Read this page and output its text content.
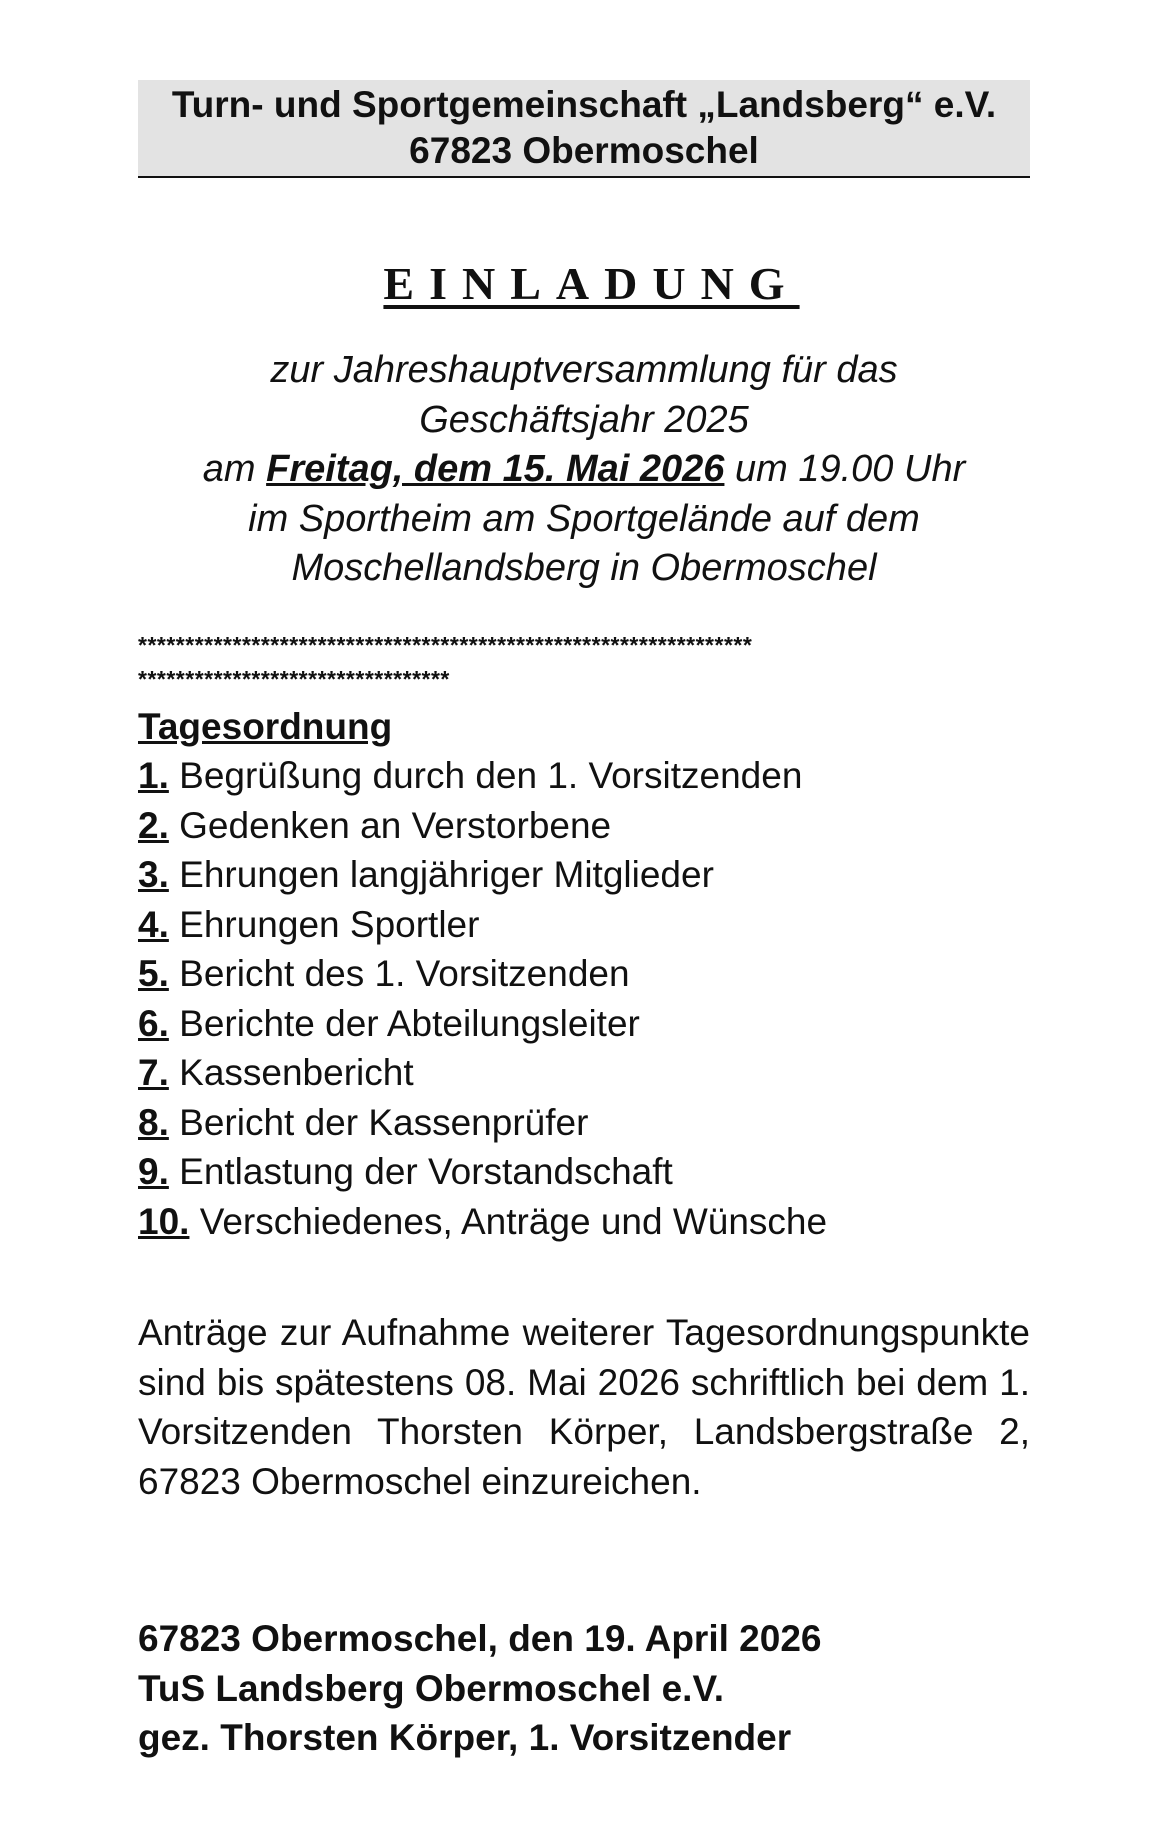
Turn- und Sportgemeinschaft „Landsberg“ e.V.
67823 Obermoschel
EINLADUNG
zur Jahreshauptversammlung für das
Geschäftsjahr 2025
am Freitag, dem 15. Mai 2026 um 19.00 Uhr
im Sportheim am Sportgelände auf dem
Moschellandsberg in Obermoschel
*****************************************************************
*********************************
Tagesordnung
1. Begrüßung durch den 1. Vorsitzenden
2. Gedenken an Verstorbene
3. Ehrungen langjähriger Mitglieder
4. Ehrungen Sportler
5. Bericht des 1. Vorsitzenden
6. Berichte der Abteilungsleiter
7. Kassenbericht
8. Bericht der Kassenprüfer
9. Entlastung der Vorstandschaft
10. Verschiedenes, Anträge und Wünsche
Anträge zur Aufnahme weiterer Tagesordnungspunkte sind bis spätestens 08. Mai 2026 schriftlich bei dem 1. Vorsitzenden Thorsten Körper, Landsbergstraße 2, 67823 Obermoschel einzureichen.
67823 Obermoschel, den 19. April 2026
TuS Landsberg Obermoschel e.V.
gez. Thorsten Körper, 1. Vorsitzender
